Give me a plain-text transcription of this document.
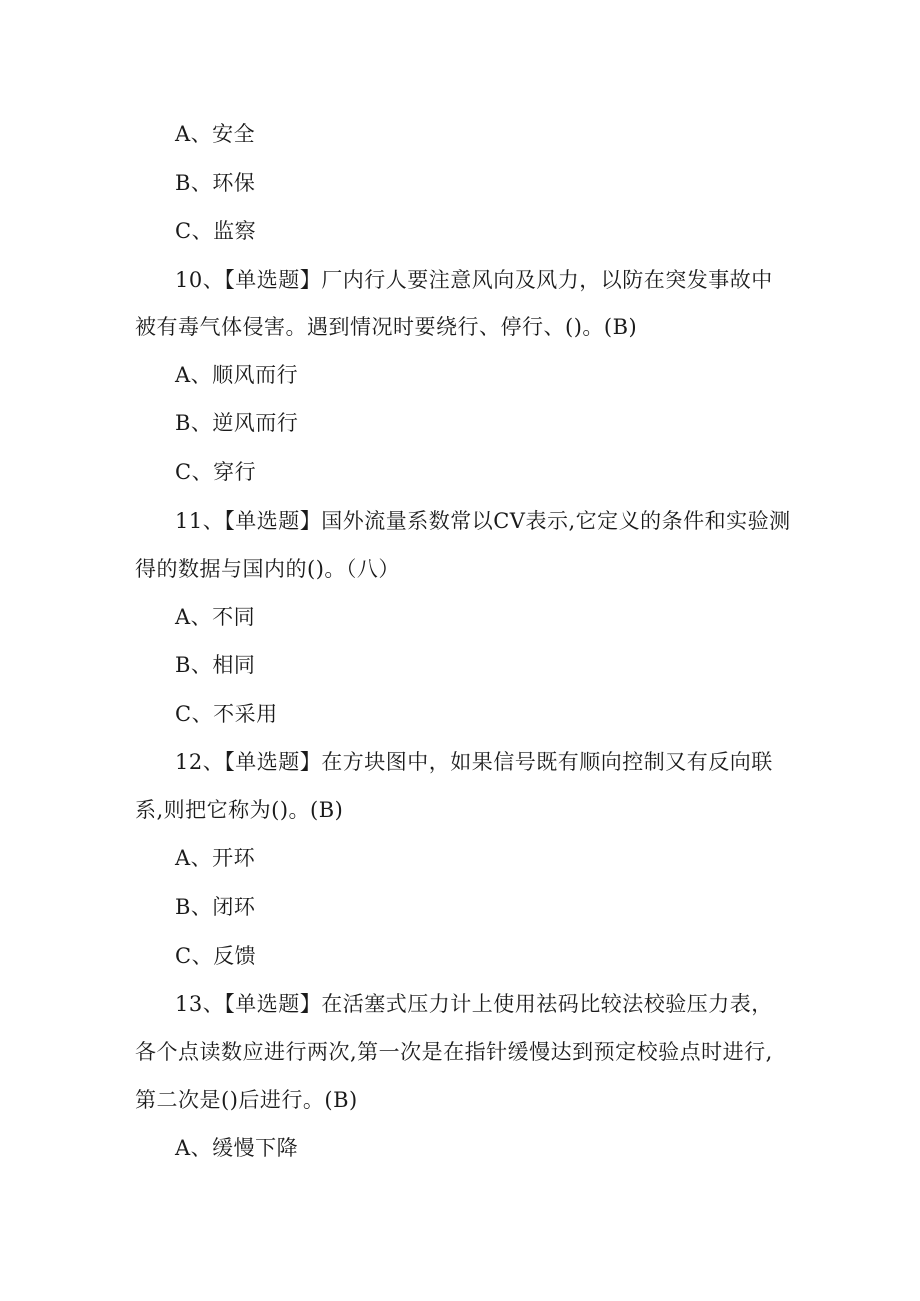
A、安全
B、环保
C、监察
10、【单选题】厂内行人要注意风向及风力，以防在突发事故中
被有毒气体侵害。遇到情况时要绕行、停行、()。(B)
A、顺风而行
B、逆风而行
C、穿行
11、【单选题】国外流量系数常以CV表示,它定义的条件和实验测
得的数据与国内的()。（八）
A、不同
B、相同
C、不采用
12、【单选题】在方块图中，如果信号既有顺向控制又有反向联
系,则把它称为()。(B)
A、开环
B、闭环
C、反馈
13、【单选题】在活塞式压力计上使用祛码比较法校验压力表，
各个点读数应进行两次,第一次是在指针缓慢达到预定校验点时进行,
第二次是()后进行。(B)
A、缓慢下降
